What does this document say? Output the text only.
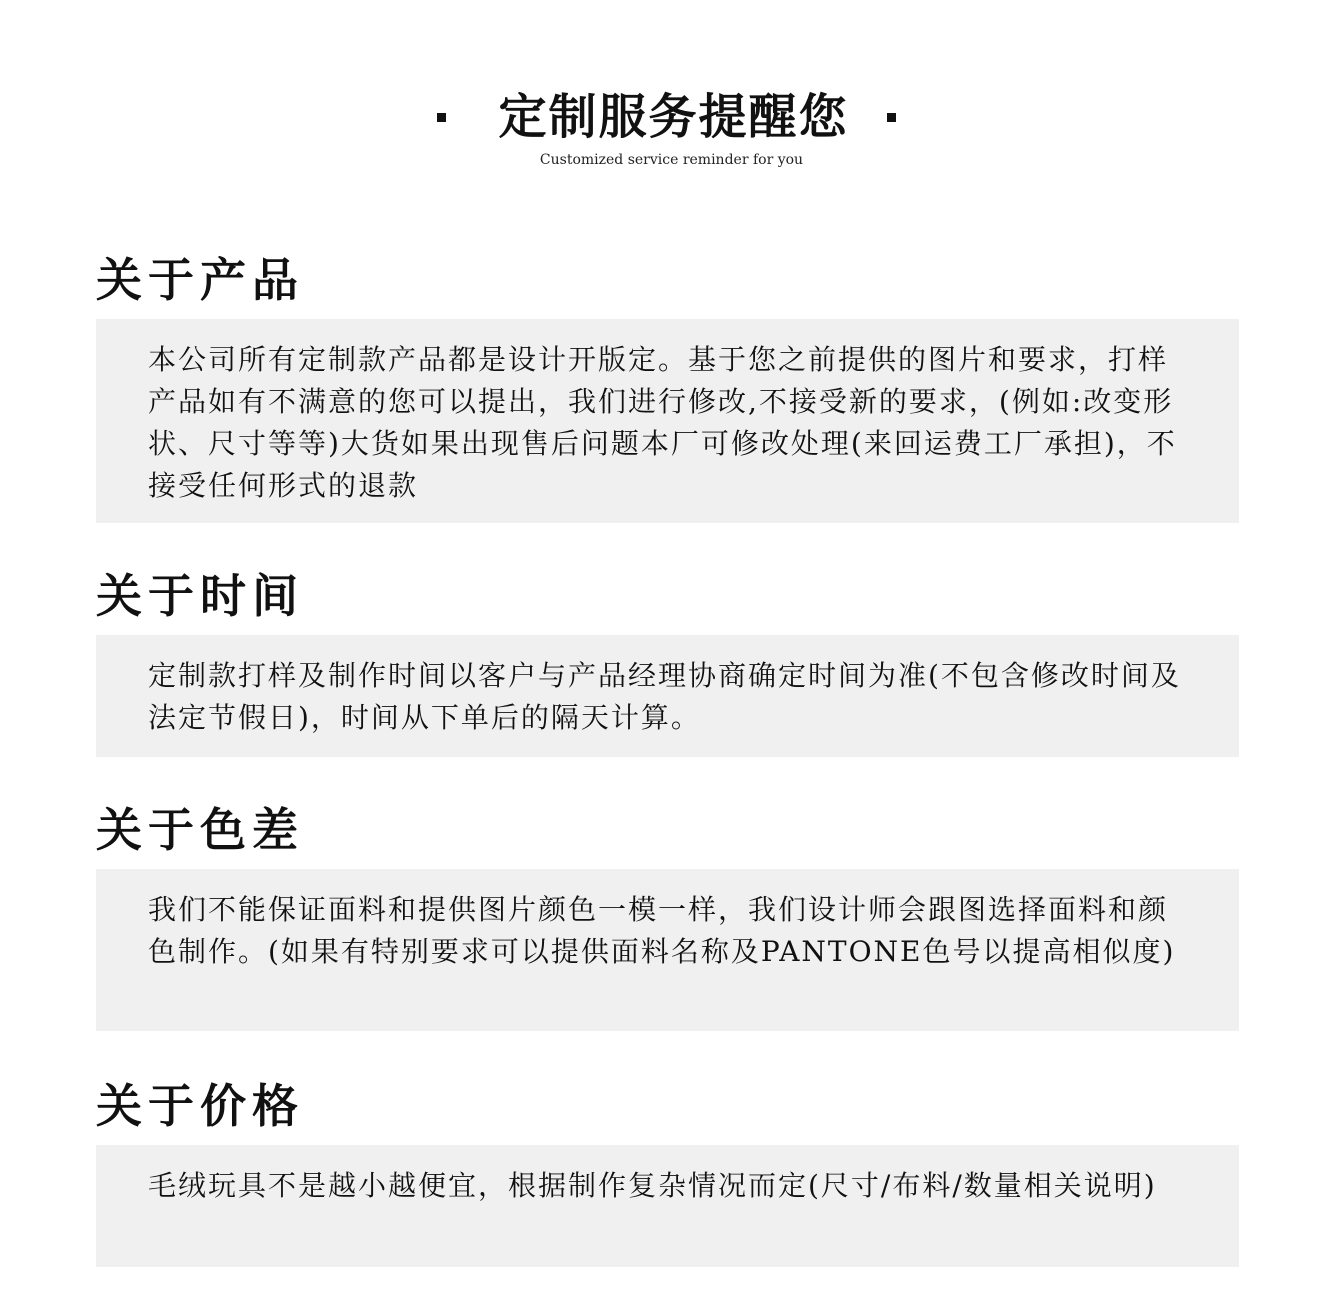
定制服务提醒您
Customized service reminder for you
关于产品

本公司所有定制款产品都是设计开版定。基于您之前提供的图片和要求，打样产品如有不满意的您可以提出，我们进行修改,不接受新的要求，(例如:改变形状、尺寸等等)大货如果出现售后问题本厂可修改处理(来回运费工厂承担)，不接受任何形式的退款

关于时间

定制款打样及制作时间以客户与产品经理协商确定时间为准(不包含修改时间及法定节假日)，时间从下单后的隔天计算。

关于色差

我们不能保证面料和提供图片颜色一模一样，我们设计师会跟图选择面料和颜色制作。(如果有特别要求可以提供面料名称及PANTONE色号以提高相似度)

关于价格

毛绒玩具不是越小越便宜，根据制作复杂情况而定(尺寸/布料/数量相关说明)
